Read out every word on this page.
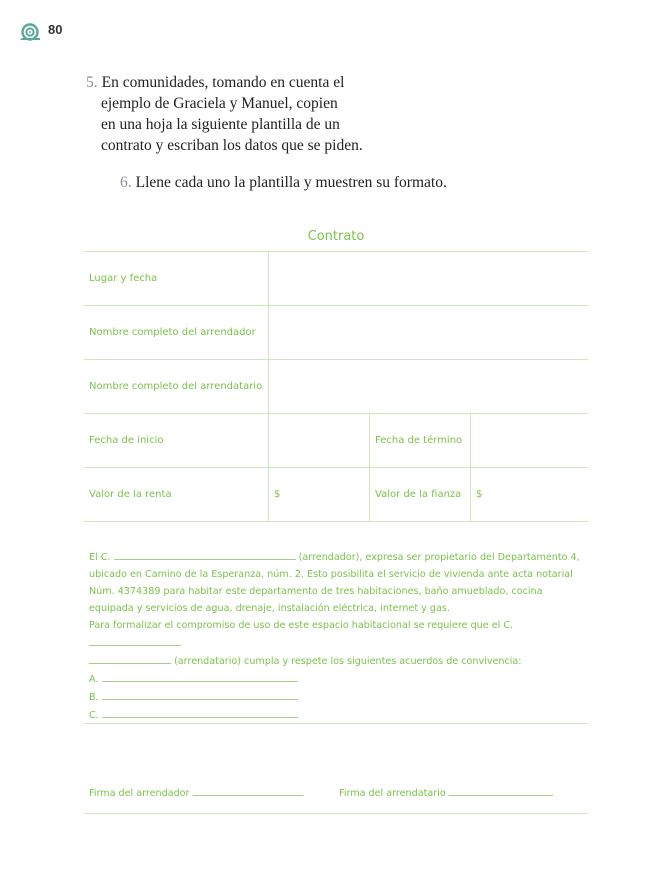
80
5. En comunidades, tomando en cuenta el
ejemplo de Graciela y Manuel, copien
en una hoja la siguiente plantilla de un
contrato y escriban los datos que se piden.
6. Llene cada uno la plantilla y muestren su formato.
Contrato
Lugar y fecha
Nombre completo del arrendador
Nombre completo del arrendatario
Fecha de inicio	Fecha de término
Valor de la renta	$	Valor de la fianza	$
El C.	(arrendador), expresa ser propietario del Departamento 4, ubicado en Camino de la Esperanza, núm. 2. Esto posibilita el servicio de vivienda ante acta notarial Núm. 4374389 para habitar este departamento de tres habitaciones, baño amueblado, cocina equipada y servicios de agua, drenaje, instalación eléctrica, internet y gas.
Para formalizar el compromiso de uso de este espacio habitacional se requiere que el C.
(arrendatario) cumpla y respete los siguientes acuerdos de convivencia:
A.
B.
C.
Firma del arrendador	Firma del arrendatario
